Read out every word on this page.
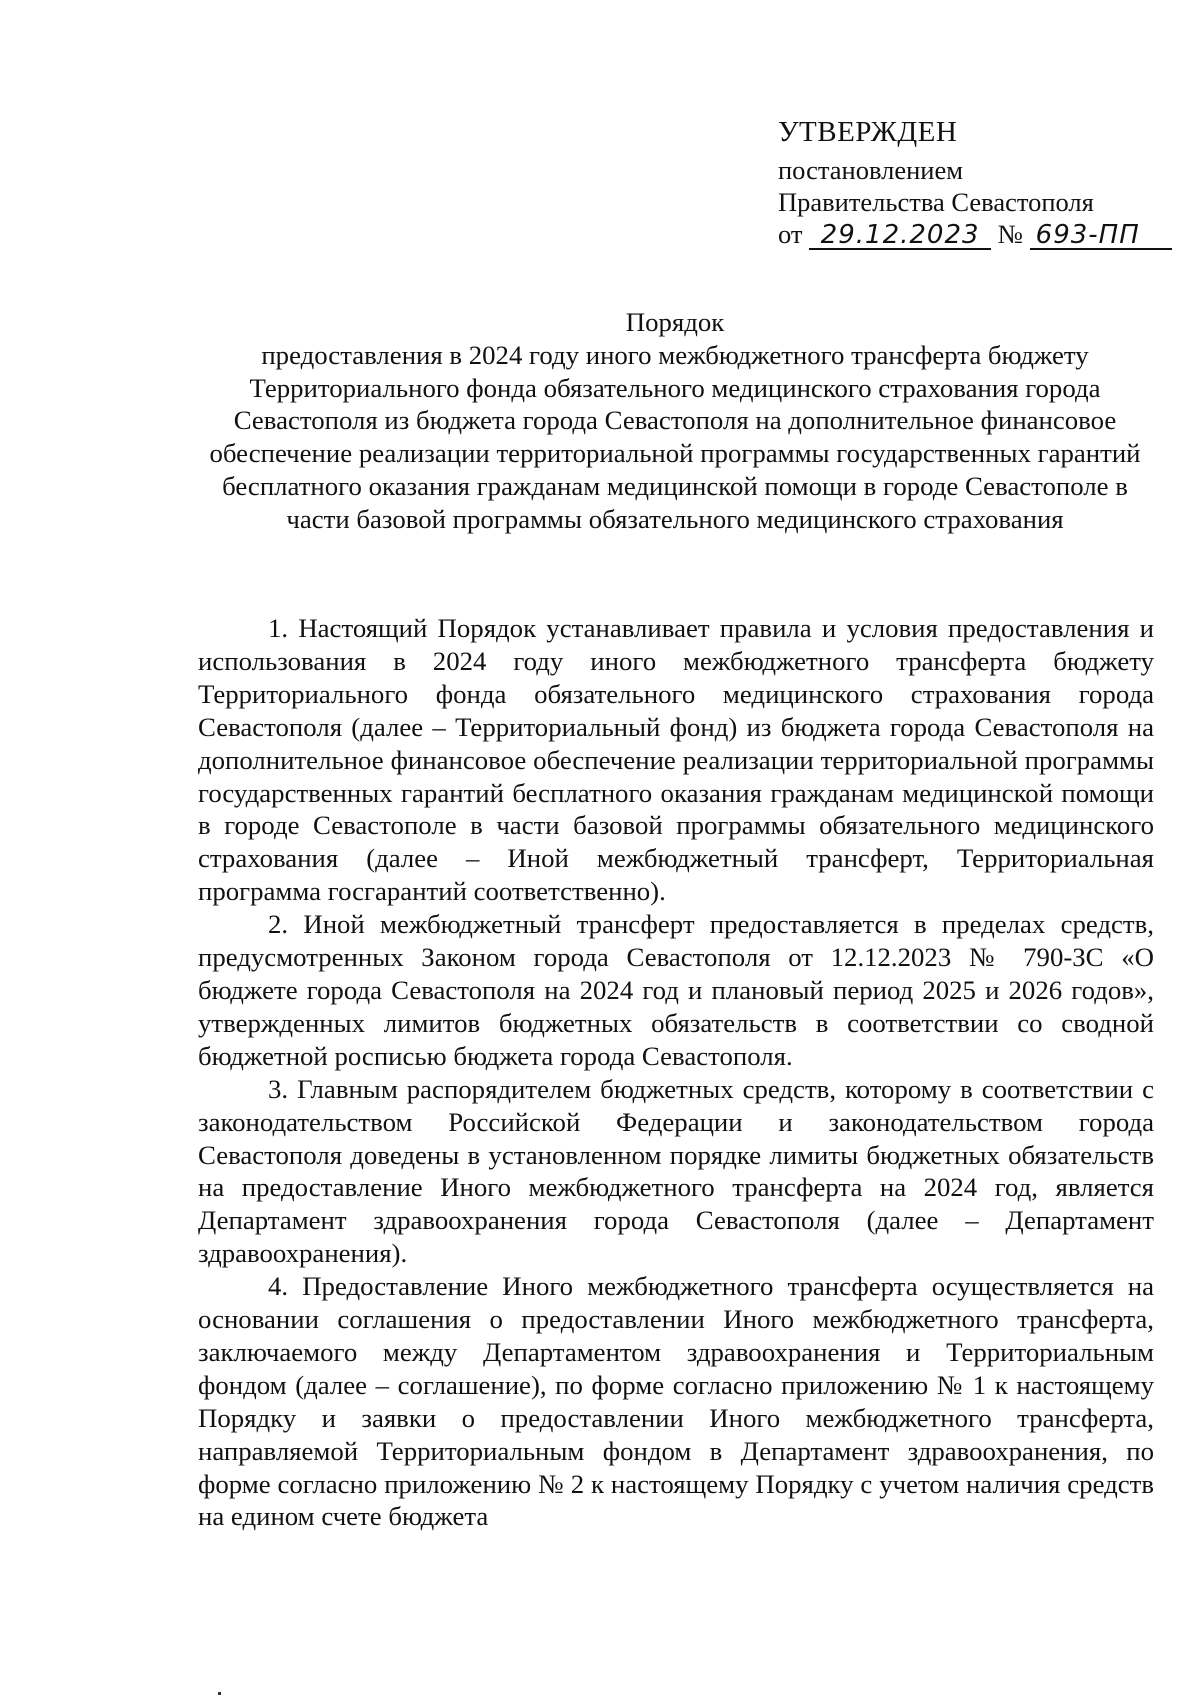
УТВЕРЖДЕН
постановлением
Правительства Севастополя
от 29.12.2023 № 693-ПП
Порядок
предоставления в 2024 году иного межбюджетного трансферта бюджету Территориального фонда обязательного медицинского страхования города Севастополя из бюджета города Севастополя на дополнительное финансовое обеспечение реализации территориальной программы государственных гарантий бесплатного оказания гражданам медицинской помощи в городе Севастополе в части базовой программы обязательного медицинского страхования

1. Настоящий Порядок устанавливает правила и условия предоставления и использования в 2024 году иного межбюджетного трансферта бюджету Территориального фонда обязательного медицинского страхования города Севастополя (далее – Территориальный фонд) из бюджета города Севастополя на дополнительное финансовое обеспечение реализации территориальной программы государственных гарантий бесплатного оказания гражданам медицинской помощи в городе Севастополе в части базовой программы обязательного медицинского страхования (далее – Иной межбюджетный трансферт, Территориальная программа госгарантий соответственно).

2. Иной межбюджетный трансферт предоставляется в пределах средств, предусмотренных Законом города Севастополя от 12.12.2023 № 790-ЗС «О бюджете города Севастополя на 2024 год и плановый период 2025 и 2026 годов», утвержденных лимитов бюджетных обязательств в соответствии со сводной бюджетной росписью бюджета города Севастополя.

3. Главным распорядителем бюджетных средств, которому в соответствии с законодательством Российской Федерации и законодательством города Севастополя доведены в установленном порядке лимиты бюджетных обязательств на предоставление Иного межбюджетного трансферта на 2024 год, является Департамент здравоохранения города Севастополя (далее – Департамент здравоохранения).

4. Предоставление Иного межбюджетного трансферта осуществляется на основании соглашения о предоставлении Иного межбюджетного трансферта, заключаемого между Департаментом здравоохранения и Территориальным фондом (далее – соглашение), по форме согласно приложению № 1 к настоящему Порядку и заявки о предоставлении Иного межбюджетного трансферта, направляемой Территориальным фондом в Департамент здравоохранения, по форме согласно приложению № 2 к настоящему Порядку с учетом наличия средств на едином счете бюджета
